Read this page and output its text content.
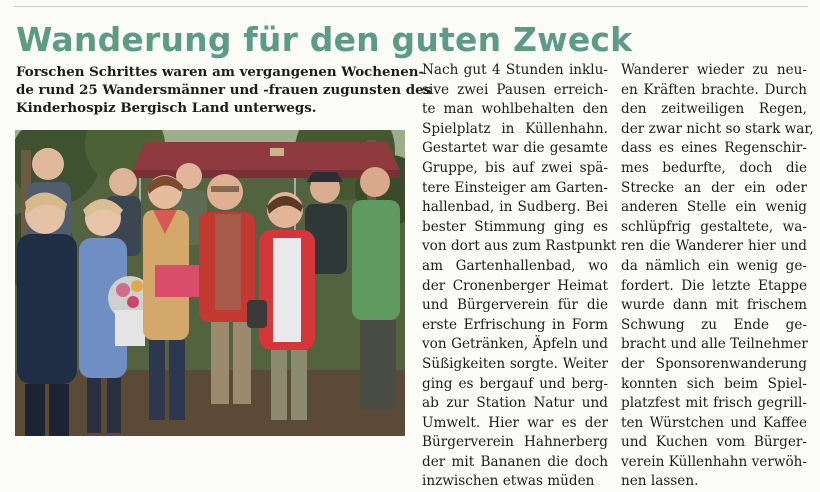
Wanderung für den guten Zweck
Forschen Schrittes waren am vergangenen Wochenen-
de rund 25 Wandersmänner und -frauen zugunsten des
Kinderhospiz Bergisch Land unterwegs.
Nach gut 4 Stunden inklu-
sive zwei Pausen erreich-
te man wohlbehalten den
Spielplatz in Küllenhahn.
Gestartet war die gesamte
Gruppe, bis auf zwei spä-
tere Einsteiger am Garten-
hallenbad, in Sudberg. Bei
bester Stimmung ging es
von dort aus zum Rastpunkt
am Gartenhallenbad, wo
der Cronenberger Heimat
und Bürgerverein für die
erste Erfrischung in Form
von Getränken, Äpfeln und
Süßigkeiten sorgte. Weiter
ging es bergauf und berg-
ab zur Station Natur und
Umwelt. Hier war es der
Bürgerverein Hahnerberg
der mit Bananen die doch
inzwischen etwas müden
Wanderer wieder zu neu-
en Kräften brachte. Durch
den zeitweiligen Regen,
der zwar nicht so stark war,
dass es eines Regenschir-
mes bedurfte, doch die
Strecke an der ein oder
anderen Stelle ein wenig
schlüpfrig gestaltete, wa-
ren die Wanderer hier und
da nämlich ein wenig ge-
fordert. Die letzte Etappe
wurde dann mit frischem
Schwung zu Ende ge-
bracht und alle Teilnehmer
der Sponsorenwanderung
konnten sich beim Spiel-
platzfest mit frisch gegrill-
ten Würstchen und Kaffee
und Kuchen vom Bürger-
verein Küllenhahn verwöh-
nen lassen.
